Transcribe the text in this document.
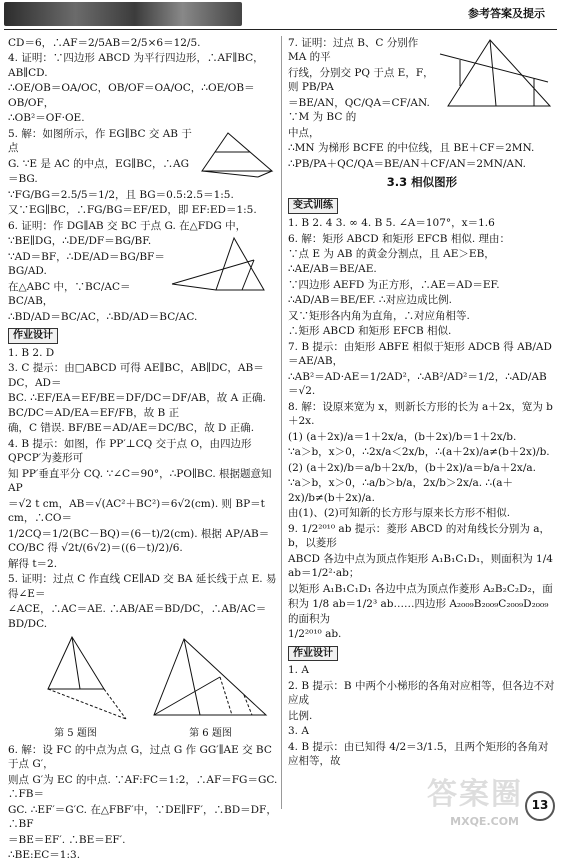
参考答案及提示

CD＝6，∴AF＝2/5AB＝2/5×6＝12/5.

4. 证明：∵四边形 ABCD 为平行四边形，∴AF∥BC，AB∥CD.

∴OE/OB＝OA/OC，OB/OF＝OA/OC，∴OE/OB＝OB/OF，

∴OB²＝OF·OE.

5. 解：如图所示，作 EG∥BC 交 AB 于点

G. ∵E 是 AC 的中点，EG∥BC，∴AG

＝BG.

∵FG/BG＝2.5/5＝1/2，且 BG＝0.5:2.5＝1:5.

又∵EG∥BC，∴FG/BG＝EF/ED，即 EF:ED＝1:5.

6. 证明：作 DG∥AB 交 BC 于点 G. 在△FDG 中，

∵BE∥DG，∴DE/DF＝BG/BF.

∵AD＝BF，∴DE/AD＝BG/BF＝BG/AD.

在△ABC 中，∵BC/AC＝BC/AB，

∴BD/AD＝BC/AC，∴BD/AD＝BC/AC.

作业设计

1. B 2. D

3. C 提示：由□ABCD 可得 AE∥BC，AB∥DC，AB＝DC，AD＝

BC. ∴EF/EA＝EF/BE＝DF/DC＝DF/AB，故 A 正确. BC/DC＝AD/EA＝EF/FB，故 B 正

确，C 错误. BF/BE＝AD/AE＝DC/BC，故 D 正确.

4. B 提示：如图，作 PP′⊥CQ 交于点 O，由四边形 QPCP′为菱形可

知 PP′垂直平分 CQ. ∵∠C＝90°，∴PO∥BC. 根据题意知 AP

＝√2 t cm，AB＝√(AC²＋BC²)＝6√2(cm). 则 BP＝t cm，∴CO＝

1/2CQ＝1/2(BC－BQ)＝(6－t)/2(cm). 根据 AP/AB＝CO/BC 得 √2t/(6√2)＝((6－t)/2)/6.

解得 t＝2.

5. 证明：过点 C 作直线 CE∥AD 交 BA 延长线于点 E. 易得∠E＝

∠ACE，∴AC＝AE. ∴AB/AE＝BD/DC，∴AB/AC＝BD/DC.

第 5 题图	第 6 题图

6. 解：设 FC 的中点为点 G，过点 G 作 GG′∥AE 交 BC 于点 G′，

则点 G′为 EC 的中点. ∵AF:FC＝1:2，∴AF＝FG＝GC. ∴FB＝

GC. ∴EF′＝G′C. 在△FBF′中，∵DE∥FF′，∴BD＝DF，∴BF

＝BE＝EF′. ∴BE＝EF′.

∴BE:EC＝1:3.

7. 证明：过点 B、C 分别作 MA 的平

行线，分别交 PQ 于点 E，F，则 PB/PA

＝BE/AN，QC/QA＝CF/AN. ∵M 为 BC 的

中点，

∴MN 为梯形 BCFE 的中位线，且 BE＋CF＝2MN.

∴PB/PA＋QC/QA＝BE/AN＋CF/AN＝2MN/AN.

3.3 相似图形
变式训练

1. B 2. 4 3. ∞ 4. B 5. ∠A＝107°，x＝1.6

6. 解：矩形 ABCD 和矩形 EFCB 相似. 理由：

∵点 E 为 AB 的黄金分割点，且 AE＞EB，

∴AE/AB＝BE/AE.

∵四边形 AEFD 为正方形，∴AE＝AD＝EF.

∴AD/AB＝BE/EF. ∴对应边成比例.

又∵矩形各内角为直角，∴对应角相等.

∴矩形 ABCD 和矩形 EFCB 相似.

7. B 提示：由矩形 ABFE 相似于矩形 ADCB 得 AB/AD＝AE/AB，

∴AB²＝AD·AE＝1/2AD²，∴AB²/AD²＝1/2，∴AD/AB＝√2.

8. 解：设原来宽为 x，则新长方形的长为 a＋2x，宽为 b＋2x.

(1) (a＋2x)/a＝1＋2x/a，(b＋2x)/b＝1＋2x/b.

∵a＞b，x＞0，∴2x/a＜2x/b，∴(a＋2x)/a≠(b＋2x)/b.

(2) (a＋2x)/b＝a/b＋2x/b，(b＋2x)/a＝b/a＋2x/a.

∵a＞b，x＞0，∴a/b＞b/a，2x/b＞2x/a. ∴(a＋2x)/b≠(b＋2x)/a.

由(1)、(2)可知新的长方形与原来长方形不相似.

9. 1/2²⁰¹⁰ ab 提示：菱形 ABCD 的对角线长分别为 a，b，以菱形

ABCD 各边中点为顶点作矩形 A₁B₁C₁D₁，则面积为 1/4 ab＝1/2²·ab；

以矩形 A₁B₁C₁D₁ 各边中点为顶点作菱形 A₂B₂C₂D₂，面

积为 1/8 ab＝1/2³ ab……四边形 A₂₀₀₉B₂₀₀₉C₂₀₀₉D₂₀₀₉ 的面积为

1/2²⁰¹⁰ ab.

作业设计

1. A

2. B 提示：B 中两个小梯形的各角对应相等，但各边不对应成

比例.

3. A

4. B 提示：由已知得 4/2＝3/1.5，且两个矩形的各角对应相等，故

答案圈
MXQE.COM
13
